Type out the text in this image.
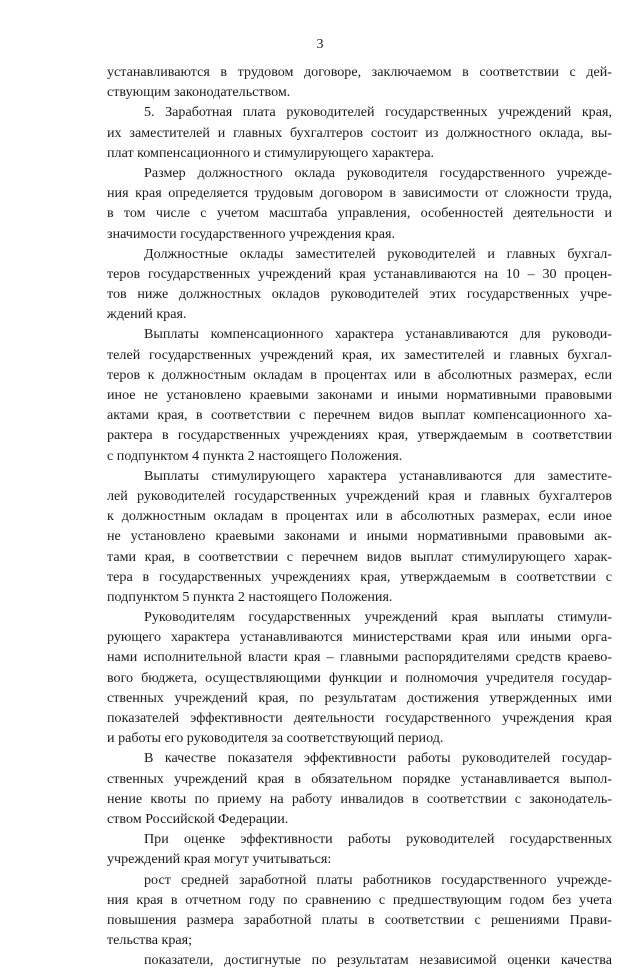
3
устанавливаются в трудовом договоре, заключаемом в соответствии с дей-
ствующим законодательством.
5. Заработная плата руководителей государственных учреждений края,
их заместителей и главных бухгалтеров состоит из должностного оклада, вы-
плат компенсационного и стимулирующего характера.
Размер должностного оклада руководителя государственного учрежде-
ния края определяется трудовым договором в зависимости от сложности труда,
в том числе с учетом масштаба управления, особенностей деятельности и
значимости государственного учреждения края.
Должностные оклады заместителей руководителей и главных бухгал-
теров государственных учреждений края устанавливаются на 10 – 30 процен-
тов ниже должностных окладов руководителей этих государственных учре-
ждений края.
Выплаты компенсационного характера устанавливаются для руководи-
телей государственных учреждений края, их заместителей и главных бухгал-
теров к должностным окладам в процентах или в абсолютных размерах, если
иное не установлено краевыми законами и иными нормативными правовыми
актами края, в соответствии с перечнем видов выплат компенсационного ха-
рактера в государственных учреждениях края, утверждаемым в соответствии
с подпунктом 4 пункта 2 настоящего Положения.
Выплаты стимулирующего характера устанавливаются для заместите-
лей руководителей государственных учреждений края и главных бухгалтеров
к должностным окладам в процентах или в абсолютных размерах, если иное
не установлено краевыми законами и иными нормативными правовыми ак-
тами края, в соответствии с перечнем видов выплат стимулирующего харак-
тера в государственных учреждениях края, утверждаемым в соответствии с
подпунктом 5 пункта 2 настоящего Положения.
Руководителям государственных учреждений края выплаты стимули-
рующего характера устанавливаются министерствами края или иными орга-
нами исполнительной власти края – главными распорядителями средств краево-
вого бюджета, осуществляющими функции и полномочия учредителя государ-
ственных учреждений края, по результатам достижения утвержденных ими
показателей эффективности деятельности государственного учреждения края
и работы его руководителя за соответствующий период.
В качестве показателя эффективности работы руководителей государ-
ственных учреждений края в обязательном порядке устанавливается выпол-
нение квоты по приему на работу инвалидов в соответствии с законодатель-
ством Российской Федерации.
При оценке эффективности работы руководителей государственных
учреждений края могут учитываться:
рост средней заработной платы работников государственного учрежде-
ния края в отчетном году по сравнению с предшествующим годом без учета
повышения размера заработной платы в соответствии с решениями Прави-
тельства края;
показатели, достигнутые по результатам независимой оценки качества
